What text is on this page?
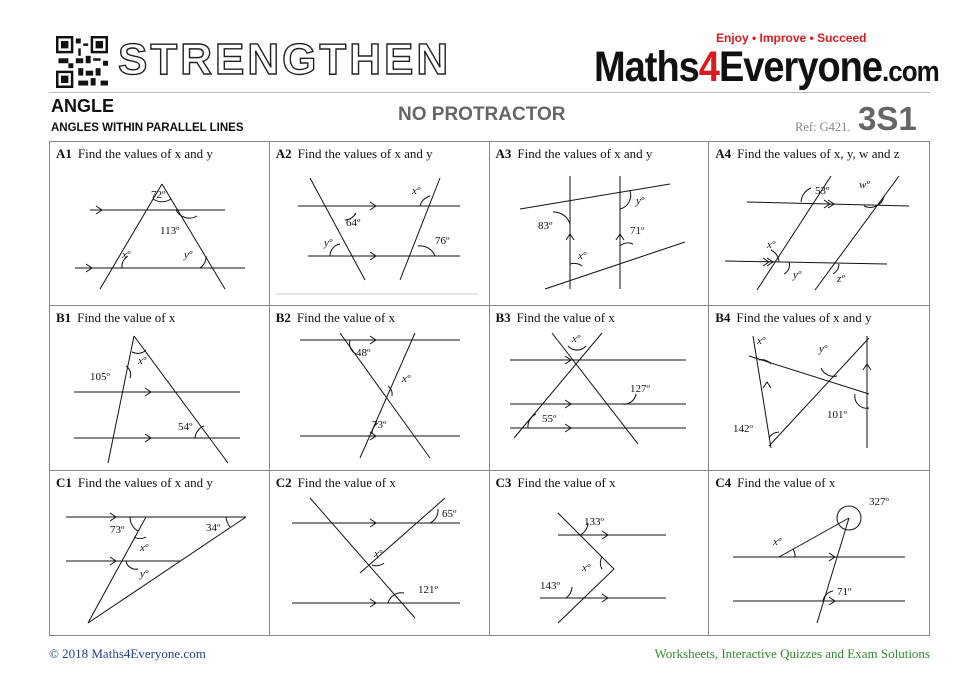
STRENGTHEN	Enjoy • Improve • Succeed
Maths4Everyone.com
ANGLE
ANGLES WITHIN PARALLEL LINES
NO PROTRACTOR
Ref: G421. 3S1
A1 Find the values of x and y
72º
113º
xº	yº
A2 Find the values of x and y
xº
64º
yº	76º
A3 Find the values of x and y
yº
83º	71º
xº
A4 Find the values of x, y, w and z
53º	wº
xº
yº	zº
B1 Find the value of x
105º
xº
54º
B2 Find the value of x
48º
xº
73º
B3 Find the value of x
xº
127º
55º
B4 Find the values of x and y
xº
yº
142º
101º
C1 Find the values of x and y
73º	34º
xº
yº
C2 Find the value of x
65º
xº
121º
C3 Find the value of x
133º
xº
143º
C4 Find the value of x
327º
xº
71º
© 2018 Maths4Everyone.com	Worksheets, Interactive Quizzes and Exam Solutions
